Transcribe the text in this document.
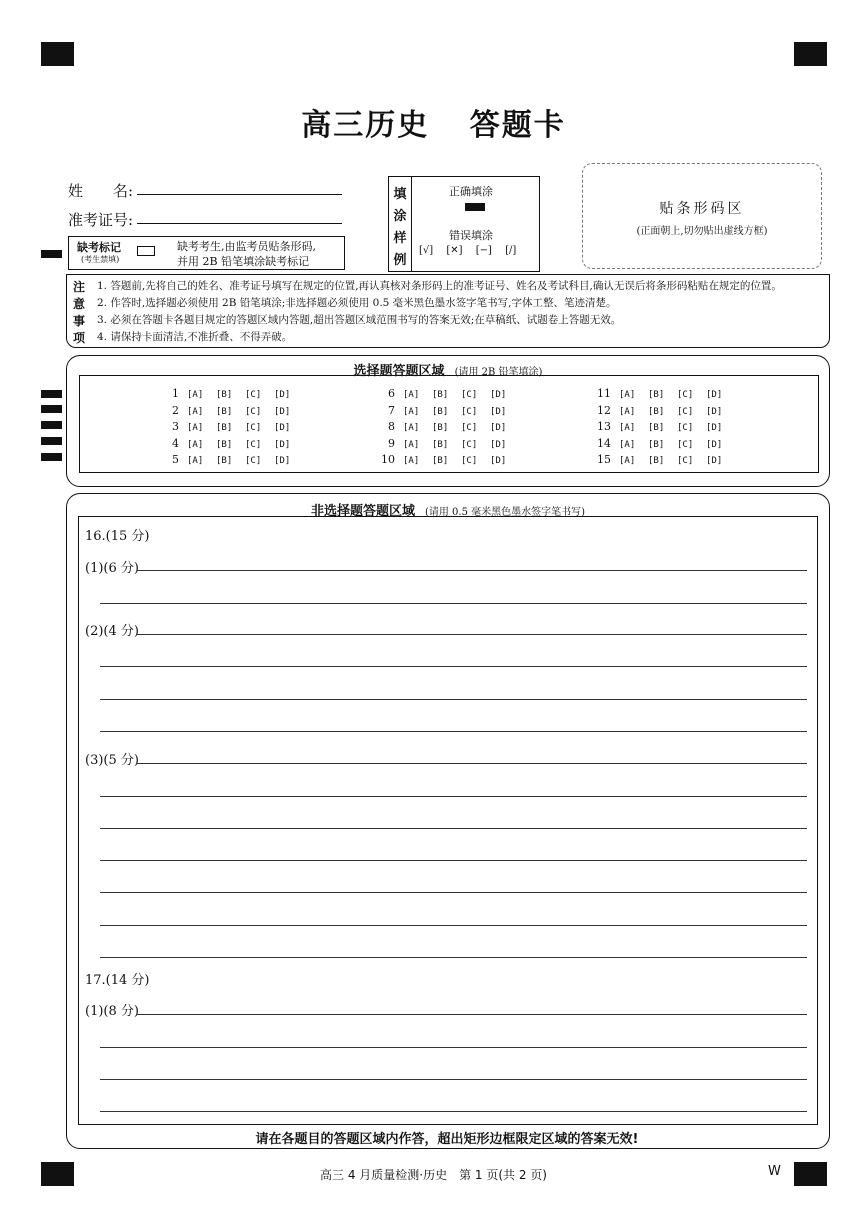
高三历史 答题卡
姓　　名:
准考证号:
缺考标记
(考生禁填)
缺考考生,由监考员贴条形码,
并用 2B 铅笔填涂缺考标记
填
涂
样
例
正确填涂
错误填涂
[√] [✕] [−] [/]
贴条形码区
(正面朝上,切勿贴出虚线方框)
注
意
事
项
1. 答题前,先将自己的姓名、准考证号填写在规定的位置,再认真核对条形码上的准考证号、姓名及考试科目,确认无误后将条形码粘贴在规定的位置。
2. 作答时,选择题必须使用 2B 铅笔填涂;非选择题必须使用 0.5 毫米黑色墨水签字笔书写,字体工整、笔迹清楚。
3. 必须在答题卡各题目规定的答题区域内答题,超出答题区域范围书写的答案无效;在草稿纸、试题卷上答题无效。
4. 请保持卡面清洁,不准折叠、不得弄破。
选择题答题区域 (请用 2B 铅笔填涂)
1 [A] [B] [C] [D]
2 [A] [B] [C] [D]
3 [A] [B] [C] [D]
4 [A] [B] [C] [D]
5 [A] [B] [C] [D]
6 [A] [B] [C] [D]
7 [A] [B] [C] [D]
8 [A] [B] [C] [D]
9 [A] [B] [C] [D]
10 [A] [B] [C] [D]
11 [A] [B] [C] [D]
12 [A] [B] [C] [D]
13 [A] [B] [C] [D]
14 [A] [B] [C] [D]
15 [A] [B] [C] [D]
非选择题答题区域 (请用 0.5 毫米黑色墨水签字笔书写)
16.(15 分)
(1)(6 分)
(2)(4 分)
(3)(5 分)
17.(14 分)
(1)(8 分)
请在各题目的答题区域内作答，超出矩形边框限定区域的答案无效!
高三 4 月质量检测·历史　第 1 页(共 2 页)	W
